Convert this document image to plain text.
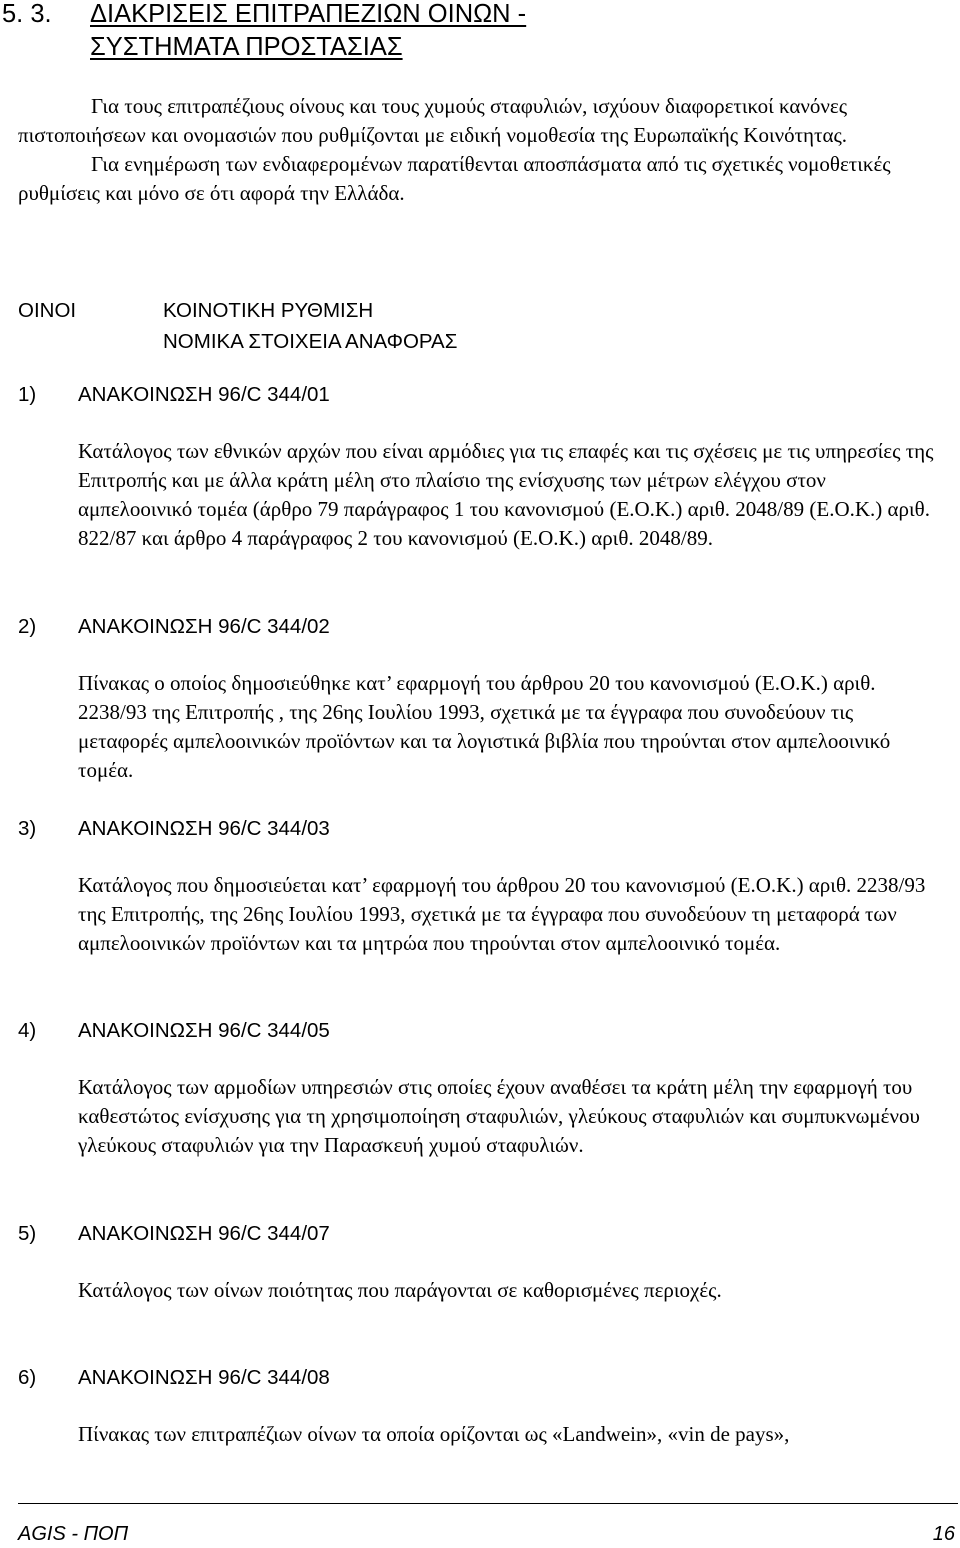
5. 3. ΔΙΑΚΡΙΣΕΙΣ ΕΠΙΤΡΑΠΕΖΙΩΝ ΟΙΝΩΝ -
ΣΥΣΤΗΜΑΤΑ ΠΡΟΣΤΑΣΙΑΣ

Για τους επιτραπέζιους οίνους και τους χυμούς σταφυλιών, ισχύουν διαφορετικοί κανόνες πιστοποιήσεων και ονομασιών που ρυθμίζονται με ειδική νομοθεσία της Ευρωπαϊκής Κοινότητας.

Για ενημέρωση των ενδιαφερομένων παρατίθενται αποσπάσματα από τις σχετικές νομοθετικές ρυθμίσεις και μόνο σε ότι αφορά την Ελλάδα.

ΟΙΝΟΙ	ΚΟΙΝΟΤΙΚΗ ΡΥΘΜΙΣΗ
ΝΟΜΙΚΑ ΣΤΟΙΧΕΙΑ ΑΝΑΦΟΡΑΣ
1) ΑΝΑΚΟΙΝΩΣΗ 96/C 344/01
Κατάλογος των εθνικών αρχών που είναι αρμόδιες για τις επαφές και τις σχέσεις με τις υπηρεσίες της Επιτροπής και με άλλα κράτη μέλη στο πλαίσιο της ενίσχυσης των μέτρων ελέγχου στον αμπελοοινικό τομέα (άρθρο 79 παράγραφος 1 του κανονισμού (Ε.Ο.Κ.) αριθ. 2048/89 (Ε.Ο.Κ.) αριθ. 822/87 και άρθρο 4 παράγραφος 2 του κανονισμού (Ε.Ο.Κ.) αριθ. 2048/89.
2) ΑΝΑΚΟΙΝΩΣΗ 96/C 344/02
Πίνακας ο οποίος δημοσιεύθηκε κατ’ εφαρμογή του άρθρου 20 του κανονισμού (Ε.Ο.Κ.) αριθ. 2238/93 της Επιτροπής , της 26ης Ιουλίου 1993, σχετικά με τα έγγραφα που συνοδεύουν τις μεταφορές αμπελοοινικών προϊόντων και τα λογιστικά βιβλία που τηρούνται στον αμπελοοινικό τομέα.
3) ΑΝΑΚΟΙΝΩΣΗ 96/C 344/03
Κατάλογος που δημοσιεύεται κατ’ εφαρμογή του άρθρου 20 του κανονισμού (Ε.Ο.Κ.) αριθ. 2238/93 της Επιτροπής, της 26ης Ιουλίου 1993, σχετικά με τα έγγραφα που συνοδεύουν τη μεταφορά των αμπελοοινικών προϊόντων και τα μητρώα που τηρούνται στον αμπελοοινικό τομέα.
4) ΑΝΑΚΟΙΝΩΣΗ 96/C 344/05
Κατάλογος των αρμοδίων υπηρεσιών στις οποίες έχουν αναθέσει τα κράτη μέλη την εφαρμογή του καθεστώτος ενίσχυσης για τη χρησιμοποίηση σταφυλιών, γλεύκους σταφυλιών και συμπυκνωμένου γλεύκους σταφυλιών για την Παρασκευή χυμού σταφυλιών.
5) ΑΝΑΚΟΙΝΩΣΗ 96/C 344/07
Κατάλογος των οίνων ποιότητας που παράγονται σε καθορισμένες περιοχές.
6) ΑΝΑΚΟΙΝΩΣΗ 96/C 344/08
Πίνακας των επιτραπέζιων οίνων τα οποία ορίζονται ως «Landwein», «vin de pays»,
AGIS - ΠΟΠ	16
